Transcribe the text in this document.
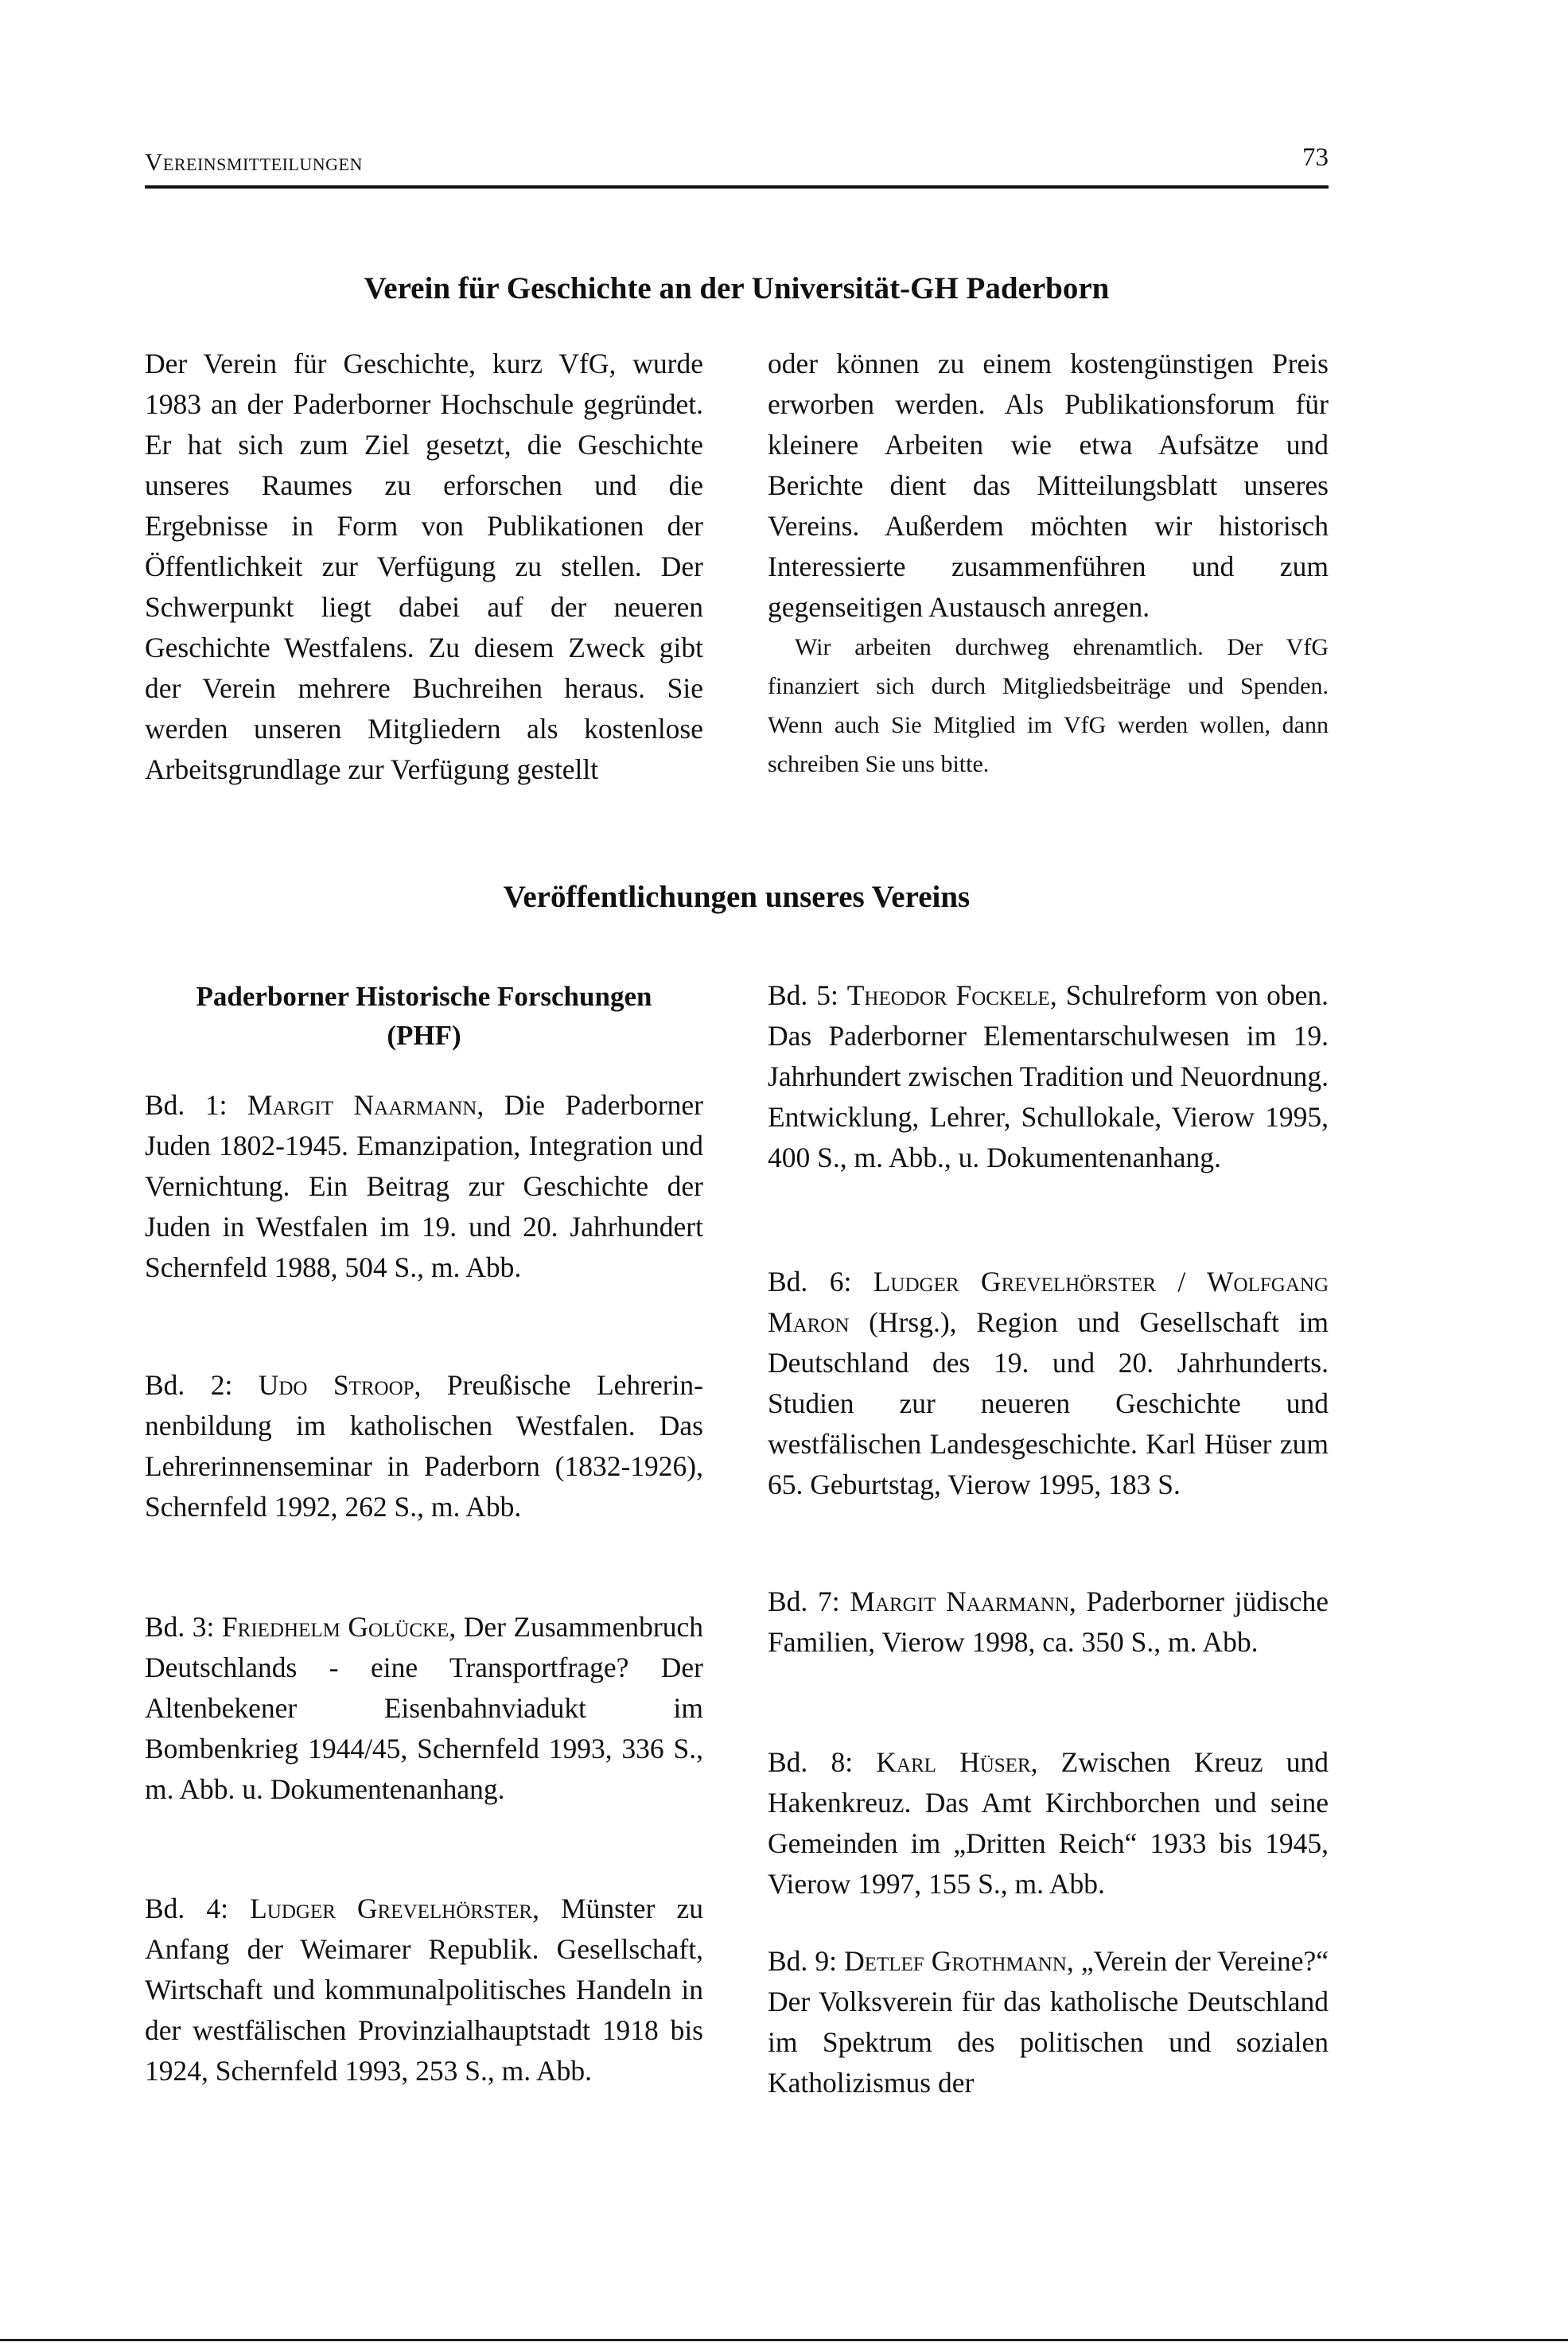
Vereinsmitteilungen	73
Verein für Geschichte an der Universität-GH Paderborn

Der Verein für Geschichte, kurz VfG, wurde 1983 an der Paderborner Hochschule gegründet. Er hat sich zum Ziel gesetzt, die Geschichte unseres Raumes zu erforschen und die Ergebnisse in Form von Publikationen der Öffentlichkeit zur Verfügung zu stellen. Der Schwerpunkt liegt dabei auf der neueren Geschichte Westfalens. Zu diesem Zweck gibt der Verein mehrere Buchreihen heraus. Sie werden unseren Mitgliedern als kostenlose Arbeitsgrundlage zur Verfügung gestellt

oder können zu einem kostengünstigen Preis erworben werden. Als Publikationsforum für kleinere Arbeiten wie etwa Aufsätze und Berichte dient das Mitteilungsblatt unseres Vereins. Außerdem möchten wir historisch Interessierte zusammenführen und zum gegenseitigen Austausch anregen.

Wir arbeiten durchweg ehrenamtlich. Der VfG finanziert sich durch Mitgliedsbeiträge und Spenden. Wenn auch Sie Mitglied im VfG werden wollen, dann schreiben Sie uns bitte.

Veröffentlichungen unseres Vereins

Paderborner Historische Forschungen (PHF)

Bd. 1: Margit Naarmann, Die Paderborner Juden 1802-1945. Emanzipation, Integration und Vernichtung. Ein Beitrag zur Geschichte der Juden in Westfalen im 19. und 20. Jahrhundert Schernfeld 1988, 504 S., m. Abb.

Bd. 2: Udo Stroop, Preußische Lehrerinnenbildung im katholischen Westfalen. Das Lehrerinnenseminar in Paderborn (1832-1926), Schernfeld 1992, 262 S., m. Abb.

Bd. 3: Friedhelm Golücke, Der Zusammenbruch Deutschlands - eine Transportfrage? Der Altenbekener Eisenbahnviadukt im Bombenkrieg 1944/45, Schernfeld 1993, 336 S., m. Abb. u. Dokumentenanhang.

Bd. 4: Ludger Grevelhörster, Münster zu Anfang der Weimarer Republik. Gesellschaft, Wirtschaft und kommunalpolitisches Handeln in der westfälischen Provinzialhauptstadt 1918 bis 1924, Schernfeld 1993, 253 S., m. Abb.

Bd. 5: Theodor Fockele, Schulreform von oben. Das Paderborner Elementarschulwesen im 19. Jahrhundert zwischen Tradition und Neuordnung. Entwicklung, Lehrer, Schullokale, Vierow 1995, 400 S., m. Abb., u. Dokumentenanhang.

Bd. 6: Ludger Grevelhörster / Wolfgang Maron (Hrsg.), Region und Gesellschaft im Deutschland des 19. und 20. Jahrhunderts. Studien zur neueren Geschichte und westfälischen Landesgeschichte. Karl Hüser zum 65. Geburtstag, Vierow 1995, 183 S.

Bd. 7: Margit Naarmann, Paderborner jüdische Familien, Vierow 1998, ca. 350 S., m. Abb.

Bd. 8: Karl Hüser, Zwischen Kreuz und Hakenkreuz. Das Amt Kirchborchen und seine Gemeinden im „Dritten Reich“ 1933 bis 1945, Vierow 1997, 155 S., m. Abb.

Bd. 9: Detlef Grothmann, „Verein der Vereine?“ Der Volksverein für das katholische Deutschland im Spektrum des politischen und sozialen Katholizismus der
